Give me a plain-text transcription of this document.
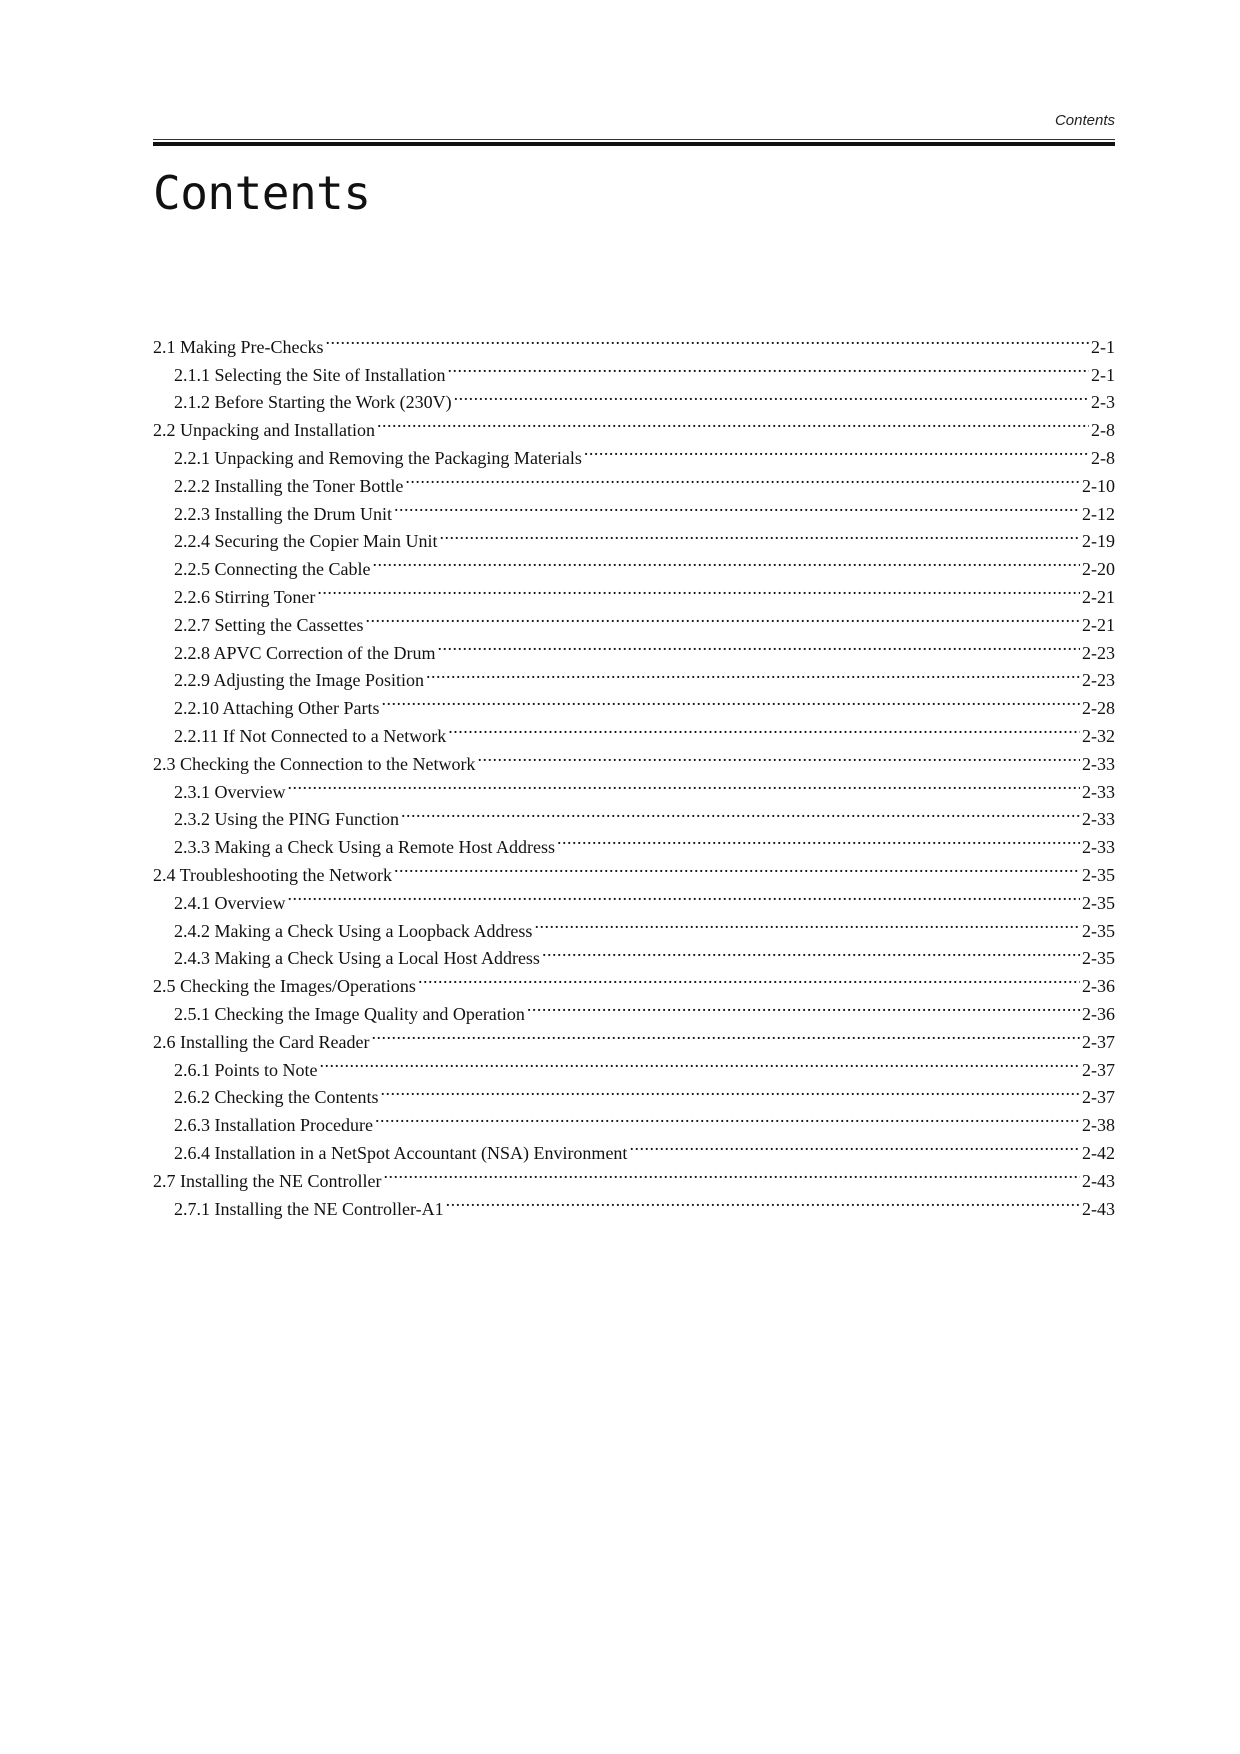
Contents
Contents
2.1 Making Pre-Checks .....	2-1
2.1.1 Selecting the Site of Installation .....	2-1
2.1.2 Before Starting the Work (230V) .....	2-3
2.2 Unpacking and Installation .....	2-8
2.2.1 Unpacking and Removing the Packaging Materials .....	2-8
2.2.2 Installing the Toner Bottle .....	2-10
2.2.3 Installing the Drum Unit .....	2-12
2.2.4 Securing the Copier Main Unit .....	2-19
2.2.5 Connecting the Cable .....	2-20
2.2.6 Stirring Toner .....	2-21
2.2.7 Setting the Cassettes .....	2-21
2.2.8 APVC Correction of the Drum .....	2-23
2.2.9 Adjusting the Image Position .....	2-23
2.2.10 Attaching Other Parts .....	2-28
2.2.11 If Not Connected to a Network .....	2-32
2.3 Checking the Connection to the Network .....	2-33
2.3.1 Overview .....	2-33
2.3.2 Using the PING Function .....	2-33
2.3.3 Making a Check Using a Remote Host Address .....	2-33
2.4 Troubleshooting the Network .....	2-35
2.4.1 Overview .....	2-35
2.4.2 Making a Check Using a Loopback Address .....	2-35
2.4.3 Making a Check Using a Local Host Address .....	2-35
2.5 Checking the Images/Operations .....	2-36
2.5.1 Checking the Image Quality and Operation .....	2-36
2.6 Installing the Card Reader .....	2-37
2.6.1 Points to Note .....	2-37
2.6.2 Checking the Contents .....	2-37
2.6.3 Installation Procedure .....	2-38
2.6.4 Installation in a NetSpot Accountant (NSA) Environment .....	2-42
2.7 Installing the NE Controller .....	2-43
2.7.1 Installing the NE Controller-A1 .....	2-43
